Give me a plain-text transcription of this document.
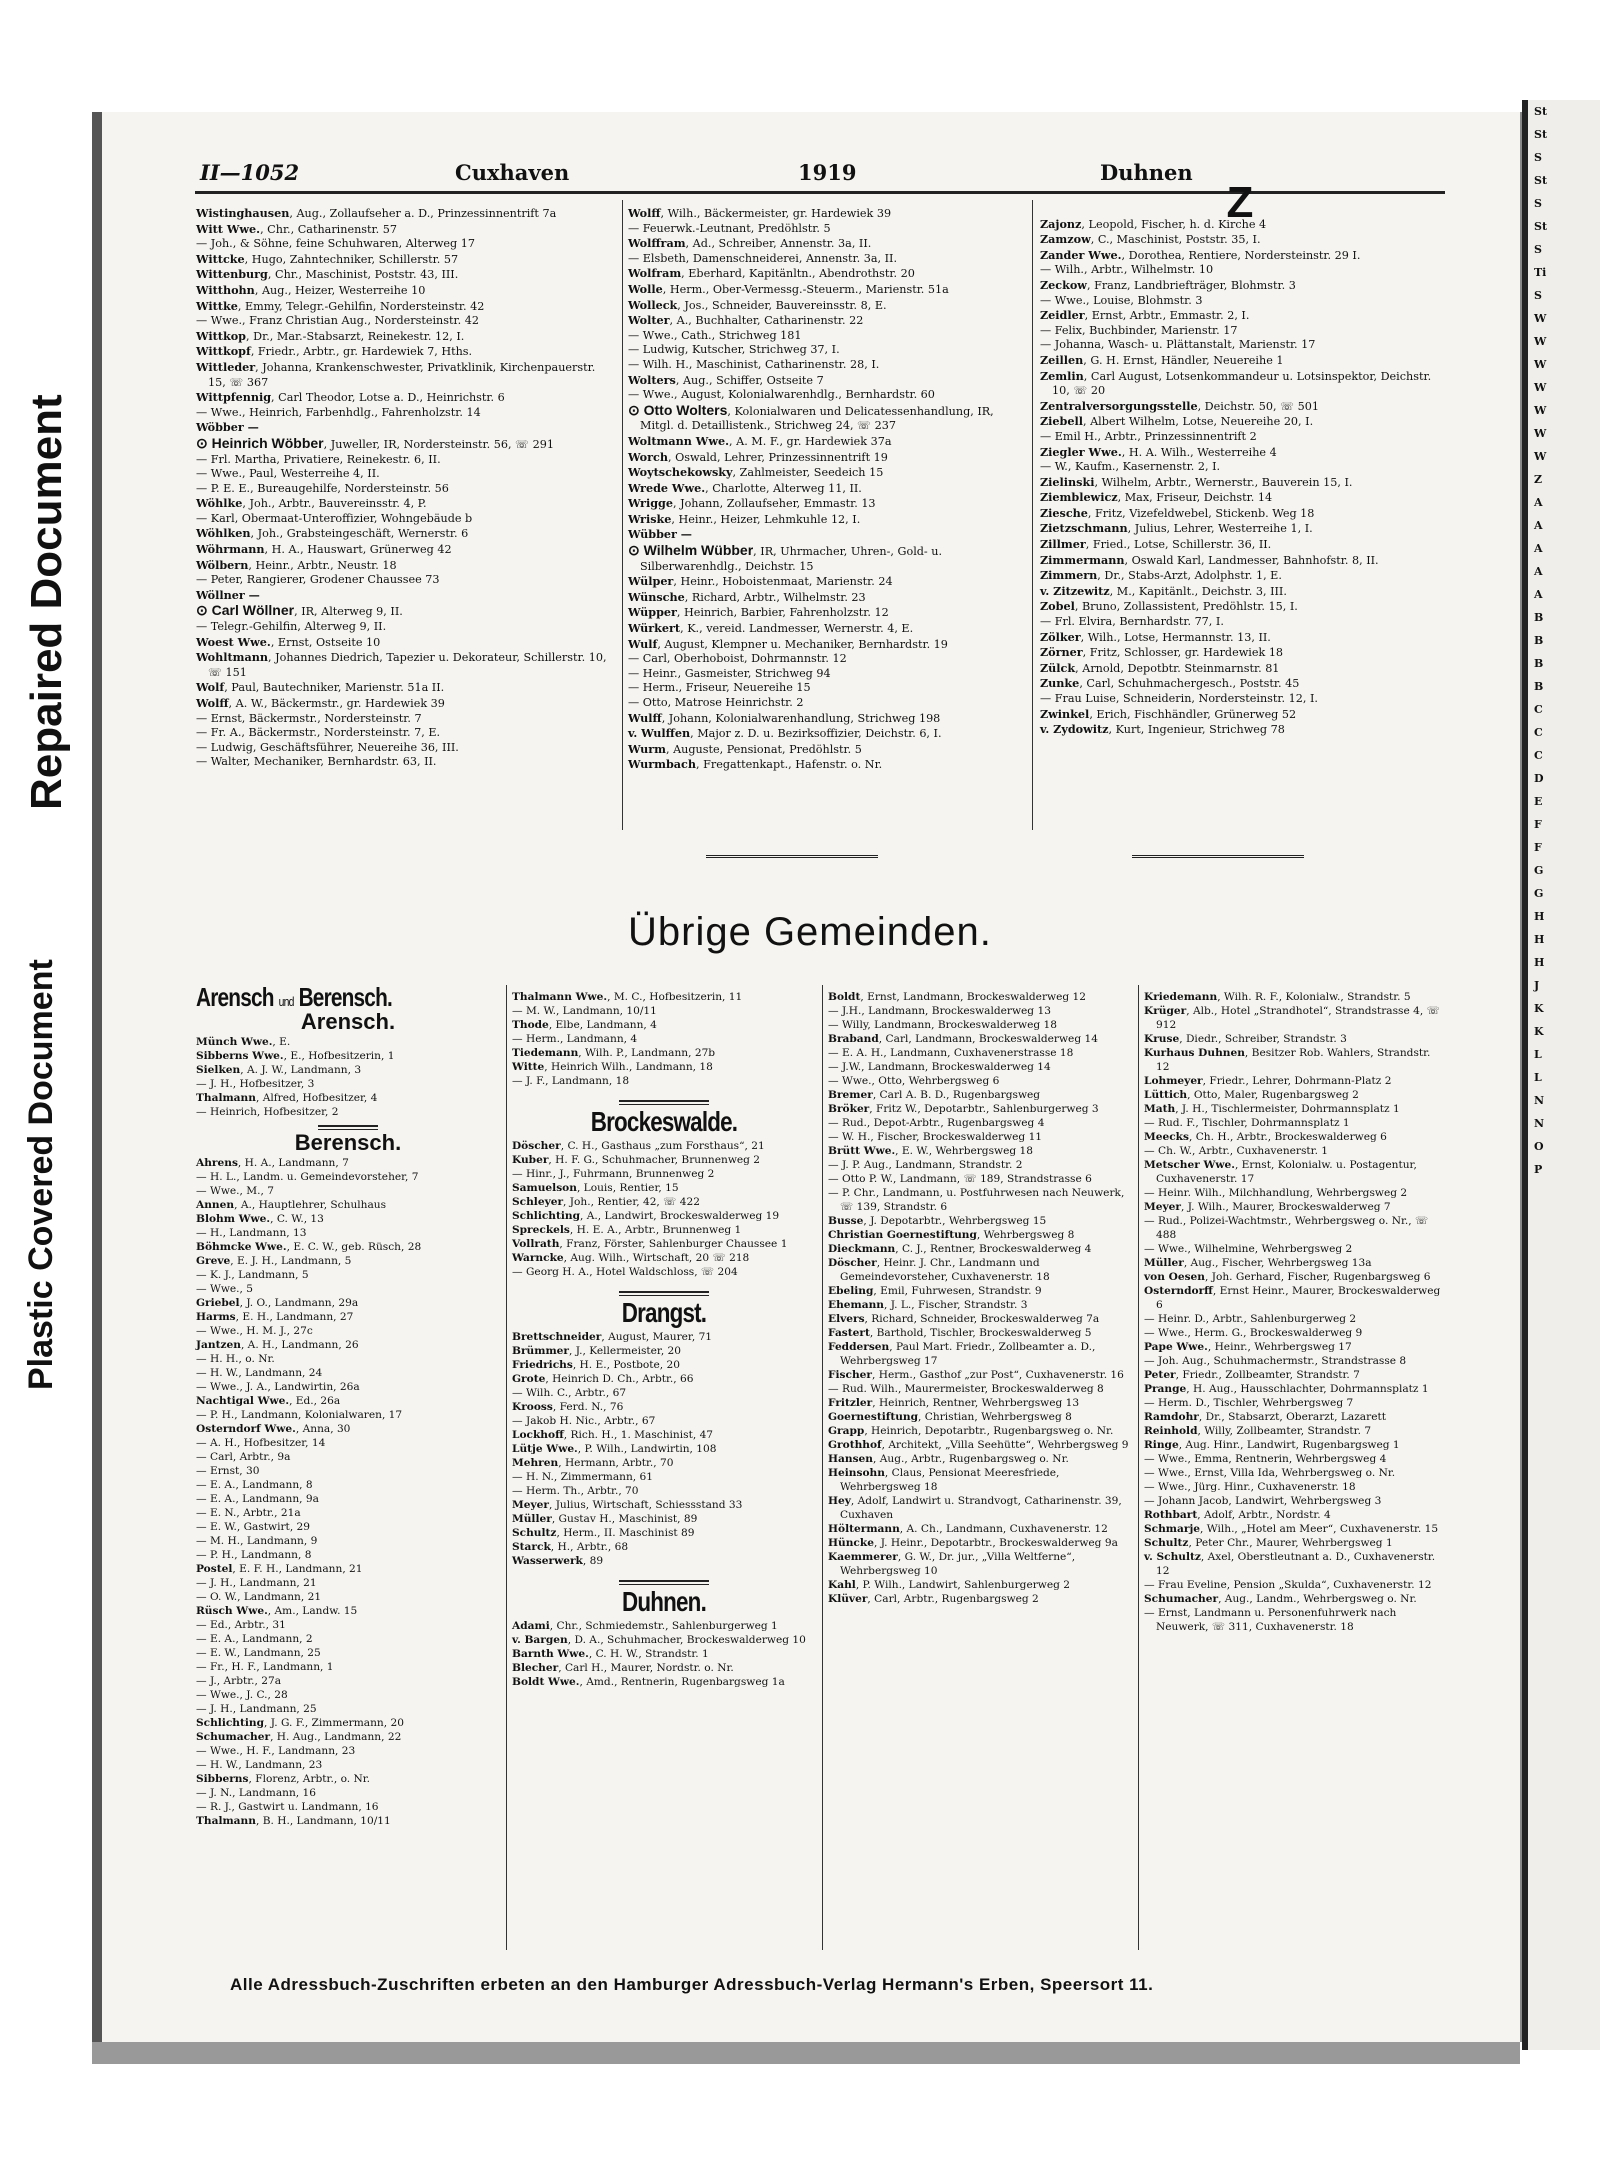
Repaired Document
Plastic Covered Document
St
St
S
St
S
St
S
Ti
S
W
W
W
W
W
W
W
Z
A
A
A
A
A
B
B
B
B
C
C
C
D
E
F
F
G
G
H
H
H
J
K
K
L
L
N
N
O
P
II—1052	Cuxhaven	1919	Duhnen

Wistinghausen, Aug., Zollaufseher a. D., Prinzessinnentrift 7a

Witt Wwe., Chr., Catharinenstr. 57

— Joh., & Söhne, feine Schuhwaren, Alterweg 17

Wittcke, Hugo, Zahntechniker, Schillerstr. 57

Wittenburg, Chr., Maschinist, Poststr. 43, III.

Witthohn, Aug., Heizer, Westerreihe 10

Wittke, Emmy, Telegr.-Gehilfin, Nordersteinstr. 42

— Wwe., Franz Christian Aug., Nordersteinstr. 42

Wittkop, Dr., Mar.-Stabsarzt, Reinekestr. 12, I.

Wittkopf, Friedr., Arbtr., gr. Hardewiek 7, Hths.

Wittleder, Johanna, Krankenschwester, Privatklinik, Kirchenpauerstr. 15, ☏ 367

Wittpfennig, Carl Theodor, Lotse a. D., Heinrichstr. 6

— Wwe., Heinrich, Farbenhdlg., Fahrenholzstr. 14

Wöbber —

⊙ Heinrich Wöbber, Juweller, IR, Nordersteinstr. 56, ☏ 291

— Frl. Martha, Privatiere, Reinekestr. 6, II.

— Wwe., Paul, Westerreihe 4, II.

— P. E. E., Bureaugehilfe, Nordersteinstr. 56

Wöhlke, Joh., Arbtr., Bauvereinsstr. 4, P.

— Karl, Obermaat-Unteroffizier, Wohngebäude b

Wöhlken, Joh., Grabsteingeschäft, Wernerstr. 6

Wöhrmann, H. A., Hauswart, Grünerweg 42

Wölbern, Heinr., Arbtr., Neustr. 18

— Peter, Rangierer, Grodener Chaussee 73

Wöllner —

⊙ Carl Wöllner, IR, Alterweg 9, II.

— Telegr.-Gehilfin, Alterweg 9, II.

Woest Wwe., Ernst, Ostseite 10

Wohltmann, Johannes Diedrich, Tapezier u. Dekorateur, Schillerstr. 10, ☏ 151

Wolf, Paul, Bautechniker, Marienstr. 51a II.

Wolff, A. W., Bäckermstr., gr. Hardewiek 39

— Ernst, Bäckermstr., Nordersteinstr. 7

— Fr. A., Bäckermstr., Nordersteinstr. 7, E.

— Ludwig, Geschäftsführer, Neuereihe 36, III.

— Walter, Mechaniker, Bernhardstr. 63, II.

Wolff, Wilh., Bäckermeister, gr. Hardewiek 39

— Feuerwk.-Leutnant, Predöhlstr. 5

Wolffram, Ad., Schreiber, Annenstr. 3a, II.

— Elsbeth, Damenschneiderei, Annenstr. 3a, II.

Wolfram, Eberhard, Kapitänltn., Abendrothstr. 20

Wolle, Herm., Ober-Vermessg.-Steuerm., Marienstr. 51a

Wolleck, Jos., Schneider, Bauvereinsstr. 8, E.

Wolter, A., Buchhalter, Catharinenstr. 22

— Wwe., Cath., Strichweg 181

— Ludwig, Kutscher, Strichweg 37, I.

— Wilh. H., Maschinist, Catharinenstr. 28, I.

Wolters, Aug., Schiffer, Ostseite 7

— Wwe., August, Kolonialwarenhdlg., Bernhardstr. 60

⊙ Otto Wolters, Kolonialwaren und Delicatessenhandlung, IR, Mitgl. d. Detaillistenk., Strichweg 24, ☏ 237

Woltmann Wwe., A. M. F., gr. Hardewiek 37a

Worch, Oswald, Lehrer, Prinzessinnentrift 19

Woytschekowsky, Zahlmeister, Seedeich 15

Wrede Wwe., Charlotte, Alterweg 11, II.

Wrigge, Johann, Zollaufseher, Emmastr. 13

Wriske, Heinr., Heizer, Lehmkuhle 12, I.

Wübber —

⊙ Wilhelm Wübber, IR, Uhrmacher, Uhren-, Gold- u. Silberwarenhdlg., Deichstr. 15

Wülper, Heinr., Hoboistenmaat, Marienstr. 24

Wünsche, Richard, Arbtr., Wilhelmstr. 23

Wüpper, Heinrich, Barbier, Fahrenholzstr. 12

Würkert, K., vereid. Landmesser, Wernerstr. 4, E.

Wulf, August, Klempner u. Mechaniker, Bernhardstr. 19

— Carl, Oberhoboist, Dohrmannstr. 12

— Heinr., Gasmeister, Strichweg 94

— Herm., Friseur, Neuereihe 15

— Otto, Matrose Heinrichstr. 2

Wulff, Johann, Kolonialwarenhandlung, Strichweg 198

v. Wulffen, Major z. D. u. Bezirksoffizier, Deichstr. 6, I.

Wurm, Auguste, Pensionat, Predöhlstr. 5

Wurmbach, Fregattenkapt., Hafenstr. o. Nr.

Z

Zajonz, Leopold, Fischer, h. d. Kirche 4

Zamzow, C., Maschinist, Poststr. 35, I.

Zander Wwe., Dorothea, Rentiere, Nordersteinstr. 29 I.

— Wilh., Arbtr., Wilhelmstr. 10

Zeckow, Franz, Landbriefträger, Blohmstr. 3

— Wwe., Louise, Blohmstr. 3

Zeidler, Ernst, Arbtr., Emmastr. 2, I.

— Felix, Buchbinder, Marienstr. 17

— Johanna, Wasch- u. Plättanstalt, Marienstr. 17

Zeillen, G. H. Ernst, Händler, Neuereihe 1

Zemlin, Carl August, Lotsenkommandeur u. Lotsinspektor, Deichstr. 10, ☏ 20

Zentralversorgungsstelle, Deichstr. 50, ☏ 501

Ziebell, Albert Wilhelm, Lotse, Neuereihe 20, I.

— Emil H., Arbtr., Prinzessinnentrift 2

Ziegler Wwe., H. A. Wilh., Westerreihe 4

— W., Kaufm., Kasernenstr. 2, I.

Zielinski, Wilhelm, Arbtr., Wernerstr., Bauverein 15, I.

Ziemblewicz, Max, Friseur, Deichstr. 14

Ziesche, Fritz, Vizefeldwebel, Stickenb. Weg 18

Zietzschmann, Julius, Lehrer, Westerreihe 1, I.

Zillmer, Fried., Lotse, Schillerstr. 36, II.

Zimmermann, Oswald Karl, Landmesser, Bahnhofstr. 8, II.

Zimmern, Dr., Stabs-Arzt, Adolphstr. 1, E.

v. Zitzewitz, M., Kapitänlt., Deichstr. 3, III.

Zobel, Bruno, Zollassistent, Predöhlstr. 15, I.

— Frl. Elvira, Bernhardstr. 77, I.

Zölker, Wilh., Lotse, Hermannstr. 13, II.

Zörner, Fritz, Schlosser, gr. Hardewiek 18

Zülck, Arnold, Depotbtr. Steinmarnstr. 81

Zunke, Carl, Schuhmachergesch., Poststr. 45

— Frau Luise, Schneiderin, Nordersteinstr. 12, I.

Zwinkel, Erich, Fischhändler, Grünerweg 52

v. Zydowitz, Kurt, Ingenieur, Strichweg 78

Übrige Gemeinden.
Arensch und Berensch.
Arensch.

Münch Wwe., E.

Sibberns Wwe., E., Hofbesitzerin, 1

Sielken, A. J. W., Landmann, 3

— J. H., Hofbesitzer, 3

Thalmann, Alfred, Hofbesitzer, 4

— Heinrich, Hofbesitzer, 2

Berensch.

Ahrens, H. A., Landmann, 7

— H. L., Landm. u. Gemeindevorsteher, 7

— Wwe., M., 7

Annen, A., Hauptlehrer, Schulhaus

Blohm Wwe., C. W., 13

— H., Landmann, 13

Böhmcke Wwe., E. C. W., geb. Rüsch, 28

Greve, E. J. H., Landmann, 5

— K. J., Landmann, 5

— Wwe., 5

Griebel, J. O., Landmann, 29a

Harms, E. H., Landmann, 27

— Wwe., H. M. J., 27c

Jantzen, A. H., Landmann, 26

— H. H., o. Nr.

— H. W., Landmann, 24

— Wwe., J. A., Landwirtin, 26a

Nachtigal Wwe., Ed., 26a

— P. H., Landmann, Kolonialwaren, 17

Osterndorf Wwe., Anna, 30

— A. H., Hofbesitzer, 14

— Carl, Arbtr., 9a

— Ernst, 30

— E. A., Landmann, 8

— E. A., Landmann, 9a

— E. N., Arbtr., 21a

— E. W., Gastwirt, 29

— M. H., Landmann, 9

— P. H., Landmann, 8

Postel, E. F. H., Landmann, 21

— J. H., Landmann, 21

— O. W., Landmann, 21

Rüsch Wwe., Am., Landw. 15

— Ed., Arbtr., 31

— E. A., Landmann, 2

— E. W., Landmann, 25

— Fr., H. F., Landmann, 1

— J., Arbtr., 27a

— Wwe., J. C., 28

— J. H., Landmann, 25

Schlichting, J. G. F., Zimmermann, 20

Schumacher, H. Aug., Landmann, 22

— Wwe., H. F., Landmann, 23

— H. W., Landmann, 23

Sibberns, Florenz, Arbtr., o. Nr.

— J. N., Landmann, 16

— R. J., Gastwirt u. Landmann, 16

Thalmann, B. H., Landmann, 10/11

Thalmann Wwe., M. C., Hofbesitzerin, 11

— M. W., Landmann, 10/11

Thode, Elbe, Landmann, 4

— Herm., Landmann, 4

Tiedemann, Wilh. P., Landmann, 27b

Witte, Heinrich Wilh., Landmann, 18

— J. F., Landmann, 18

Brockeswalde.

Döscher, C. H., Gasthaus „zum Forsthaus“, 21

Kuber, H. F. G., Schuhmacher, Brunnenweg 2

— Hinr., J., Fuhrmann, Brunnenweg 2

Samuelson, Louis, Rentier, 15

Schleyer, Joh., Rentier, 42, ☏ 422

Schlichting, A., Landwirt, Brockeswalderweg 19

Spreckels, H. E. A., Arbtr., Brunnenweg 1

Vollrath, Franz, Förster, Sahlenburger Chaussee 1

Warncke, Aug. Wilh., Wirtschaft, 20 ☏ 218

— Georg H. A., Hotel Waldschloss, ☏ 204

Drangst.

Brettschneider, August, Maurer, 71

Brümmer, J., Kellermeister, 20

Friedrichs, H. E., Postbote, 20

Grote, Heinrich D. Ch., Arbtr., 66

— Wilh. C., Arbtr., 67

Krooss, Ferd. N., 76

— Jakob H. Nic., Arbtr., 67

Lockhoff, Rich. H., 1. Maschinist, 47

Lütje Wwe., P. Wilh., Landwirtin, 108

Mehren, Hermann, Arbtr., 70

— H. N., Zimmermann, 61

— Herm. Th., Arbtr., 70

Meyer, Julius, Wirtschaft, Schiessstand 33

Müller, Gustav H., Maschinist, 89

Schultz, Herm., II. Maschinist 89

Starck, H., Arbtr., 68

Wasserwerk, 89

Duhnen.

Adami, Chr., Schmiedemstr., Sahlenburgerweg 1

v. Bargen, D. A., Schuhmacher, Brockeswalderweg 10

Barnth Wwe., C. H. W., Strandstr. 1

Blecher, Carl H., Maurer, Nordstr. o. Nr.

Boldt Wwe., Amd., Rentnerin, Rugenbargsweg 1a

Boldt, Ernst, Landmann, Brockeswalderweg 12

— J.H., Landmann, Brockeswalderweg 13

— Willy, Landmann, Brockeswalderweg 18

Braband, Carl, Landmann, Brockeswalderweg 14

— E. A. H., Landmann, Cuxhavenerstrasse 18

— J.W., Landmann, Brockeswalderweg 14

— Wwe., Otto, Wehrbergsweg 6

Bremer, Carl A. B. D., Rugenbargsweg

Bröker, Fritz W., Depotarbtr., Sahlenburgerweg 3

— Rud., Depot-Arbtr., Rugenbargsweg 4

— W. H., Fischer, Brockeswalderweg 11

Brütt Wwe., E. W., Wehrbergsweg 18

— J. P. Aug., Landmann, Strandstr. 2

— Otto P. W., Landmann, ☏ 189, Strandstrasse 6

— P. Chr., Landmann, u. Postfuhrwesen nach Neuwerk, ☏ 139, Strandstr. 6

Busse, J. Depotarbtr., Wehrbergsweg 15

Christian Goernestiftung, Wehrbergsweg 8

Dieckmann, C. J., Rentner, Brockeswalderweg 4

Döscher, Heinr. J. Chr., Landmann und Gemeindevorsteher, Cuxhavenerstr. 18

Ebeling, Emil, Fuhrwesen, Strandstr. 9

Ehemann, J. L., Fischer, Strandstr. 3

Elvers, Richard, Schneider, Brockeswalderweg 7a

Fastert, Barthold, Tischler, Brockeswalderweg 5

Feddersen, Paul Mart. Friedr., Zollbeamter a. D., Wehrbergsweg 17

Fischer, Herm., Gasthof „zur Post“, Cuxhavenerstr. 16

— Rud. Wilh., Maurermeister, Brockeswalderweg 8

Fritzler, Heinrich, Rentner, Wehrbergsweg 13

Goernestiftung, Christian, Wehrbergsweg 8

Grapp, Heinrich, Depotarbtr., Rugenbargsweg o. Nr.

Grothhof, Architekt, „Villa Seehütte“, Wehrbergsweg 9

Hansen, Aug., Arbtr., Rugenbargsweg o. Nr.

Heinsohn, Claus, Pensionat Meeresfriede, Wehrbergsweg 18

Hey, Adolf, Landwirt u. Strandvogt, Catharinenstr. 39, Cuxhaven

Höltermann, A. Ch., Landmann, Cuxhavenerstr. 12

Hüncke, J. Heinr., Depotarbtr., Brockeswalderweg 9a

Kaemmerer, G. W., Dr. jur., „Villa Weltferne“, Wehrbergsweg 10

Kahl, P. Wilh., Landwirt, Sahlenburgerweg 2

Klüver, Carl, Arbtr., Rugenbargsweg 2

Kriedemann, Wilh. R. F., Kolonialw., Strandstr. 5

Krüger, Alb., Hotel „Strandhotel“, Strandstrasse 4, ☏ 912

Kruse, Diedr., Schreiber, Strandstr. 3

Kurhaus Duhnen, Besitzer Rob. Wahlers, Strandstr. 12

Lohmeyer, Friedr., Lehrer, Dohrmann-Platz 2

Lüttich, Otto, Maler, Rugenbargsweg 2

Math, J. H., Tischlermeister, Dohrmannsplatz 1

— Rud. F., Tischler, Dohrmannsplatz 1

Meecks, Ch. H., Arbtr., Brockeswalderweg 6

— Ch. W., Arbtr., Cuxhavenerstr. 1

Metscher Wwe., Ernst, Kolonialw. u. Postagentur, Cuxhavenerstr. 17

— Heinr. Wilh., Milchhandlung, Wehrbergsweg 2

Meyer, J. Wilh., Maurer, Brockeswalderweg 7

— Rud., Polizei-Wachtmstr., Wehrbergsweg o. Nr., ☏ 488

— Wwe., Wilhelmine, Wehrbergsweg 2

Müller, Aug., Fischer, Wehrbergsweg 13a

von Oesen, Joh. Gerhard, Fischer, Rugenbargsweg 6

Osterndorff, Ernst Heinr., Maurer, Brockeswalderweg 6

— Heinr. D., Arbtr., Sahlenburgerweg 2

— Wwe., Herm. G., Brockeswalderweg 9

Pape Wwe., Heinr., Wehrbergsweg 17

— Joh. Aug., Schuhmachermstr., Strandstrasse 8

Peter, Friedr., Zollbeamter, Strandstr. 7

Prange, H. Aug., Hausschlachter, Dohrmannsplatz 1

— Herm. D., Tischler, Wehrbergsweg 7

Ramdohr, Dr., Stabsarzt, Oberarzt, Lazarett

Reinhold, Willy, Zollbeamter, Strandstr. 7

Ringe, Aug. Hinr., Landwirt, Rugenbargsweg 1

— Wwe., Emma, Rentnerin, Wehrbergsweg 4

— Wwe., Ernst, Villa Ida, Wehrbergsweg o. Nr.

— Wwe., Jürg. Hinr., Cuxhavenerstr. 18

— Johann Jacob, Landwirt, Wehrbergsweg 3

Rothbart, Adolf, Arbtr., Nordstr. 4

Schmarje, Wilh., „Hotel am Meer“, Cuxhavenerstr. 15

Schultz, Peter Chr., Maurer, Wehrbergsweg 1

v. Schultz, Axel, Oberstleutnant a. D., Cuxhavenerstr. 12

— Frau Eveline, Pension „Skulda“, Cuxhavenerstr. 12

Schumacher, Aug., Landm., Wehrbergsweg o. Nr.

— Ernst, Landmann u. Personenfuhrwerk nach Neuwerk, ☏ 311, Cuxhavenerstr. 18

Alle Adressbuch-Zuschriften erbeten an den Hamburger Adressbuch-Verlag Hermann's Erben, Speersort 11.
